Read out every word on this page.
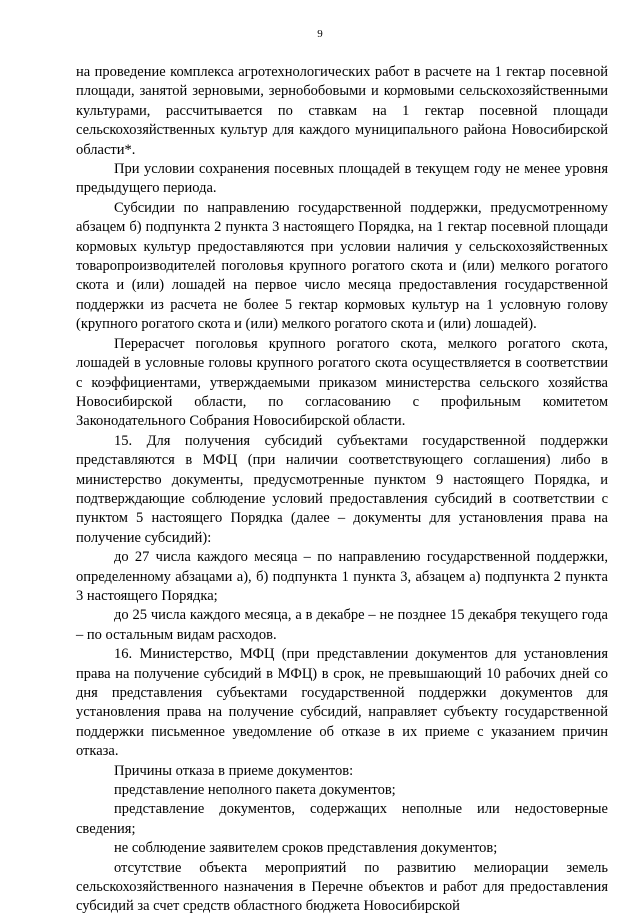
9

на проведение комплекса агротехнологических работ в расчете на 1 гектар посевной площади, занятой зерновыми, зернобобовыми и кормовыми сельскохозяйственными культурами, рассчитывается по ставкам на 1 гектар посевной площади сельскохозяйственных культур для каждого муниципального района Новосибирской области*.

При условии сохранения посевных площадей в текущем году не менее уровня предыдущего периода.

Субсидии по направлению государственной поддержки, предусмотренному абзацем б) подпункта 2 пункта 3 настоящего Порядка, на 1 гектар посевной площади кормовых культур предоставляются при условии наличия у сельскохозяйственных товаропроизводителей поголовья крупного рогатого скота и (или) мелкого рогатого скота и (или) лошадей на первое число месяца предоставления государственной поддержки из расчета не более 5 гектар кормовых культур на 1 условную голову (крупного рогатого скота и (или) мелкого рогатого скота и (или) лошадей).

Перерасчет поголовья крупного рогатого скота, мелкого рогатого скота, лошадей в условные головы крупного рогатого скота осуществляется в соответствии с коэффициентами, утверждаемыми приказом министерства сельского хозяйства Новосибирской области, по согласованию с профильным комитетом Законодательного Собрания Новосибирской области.

15. Для получения субсидий субъектами государственной поддержки представляются в МФЦ (при наличии соответствующего соглашения) либо в министерство документы, предусмотренные пунктом 9 настоящего Порядка, и подтверждающие соблюдение условий предоставления субсидий в соответствии с пунктом 5 настоящего Порядка (далее – документы для установления права на получение субсидий):

до 27 числа каждого месяца – по направлению государственной поддержки, определенному абзацами а), б) подпункта 1 пункта 3, абзацем а) подпункта 2 пункта 3 настоящего Порядка;

до 25 числа каждого месяца, а в декабре – не позднее 15 декабря текущего года – по остальным видам расходов.

16. Министерство, МФЦ (при представлении документов для установления права на получение субсидий в МФЦ) в срок, не превышающий 10 рабочих дней со дня представления субъектами государственной поддержки документов для установления права на получение субсидий, направляет субъекту государственной поддержки письменное уведомление об отказе в их приеме с указанием причин отказа.

Причины отказа в приеме документов:

представление неполного пакета документов;

представление документов, содержащих неполные или недостоверные сведения;

не соблюдение заявителем сроков представления документов;

отсутствие объекта мероприятий по развитию мелиорации земель сельскохозяйственного назначения в Перечне объектов и работ для предоставления субсидий за счет средств областного бюджета Новосибирской
